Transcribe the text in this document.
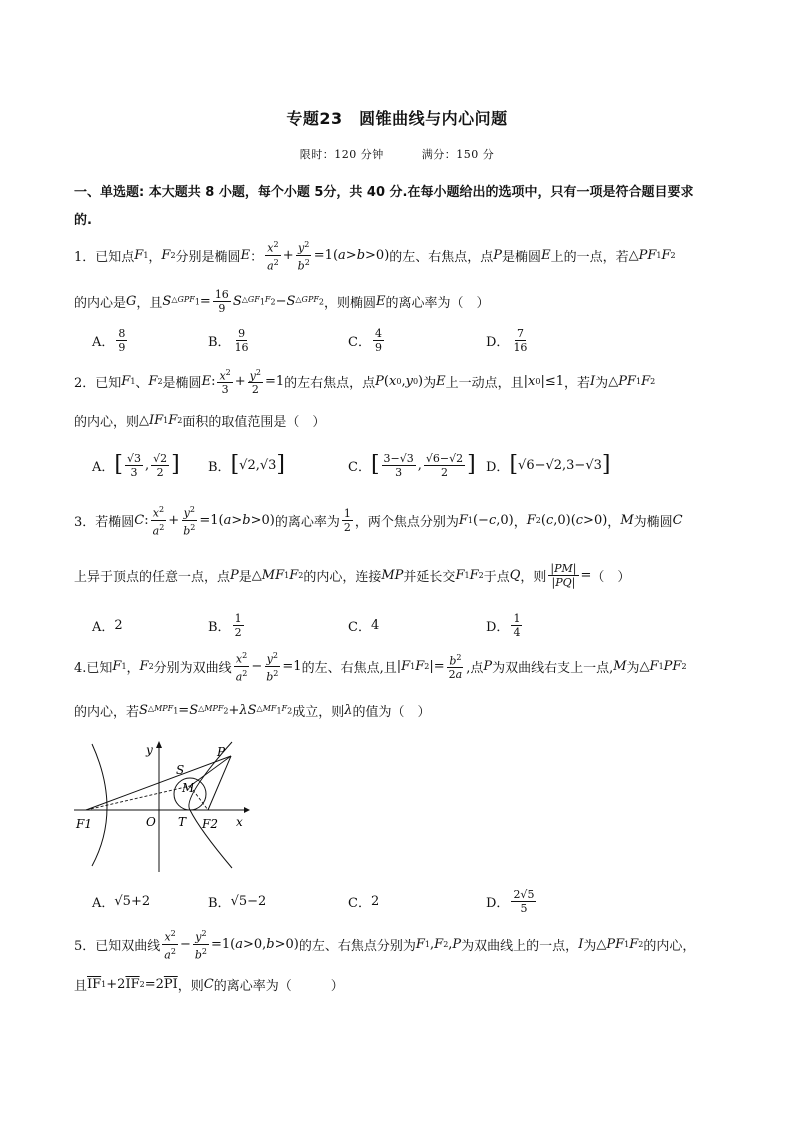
专题23　圆锥曲线与内心问题
限时：120 分钟	满分：150 分
一、单选题: 本大题共 8 小题，每个小题 5分，共 40 分.在每小题给出的选项中，只有一项是符合题目要求
的.
1．已知点 F 1 ， F 2 分别是椭圆 E ： $\frac{x^2}{a^2} + \frac{y^2}{b^2} =1$( a > b >0) 的左、右焦点，点 P 是椭圆 E 上的一点，若 △ PF 1 F 2
的内心是 G ，且 S $\triangle GPF_1 = \frac{16}{9}$ S $\triangle GF_1F_2 - S$ $\triangle GPF_2$ ，则椭圆 E 的离心率为（　）
A． $\frac{8}{9}$	B． $\frac{9}{16}$	C． $\frac{4}{9}$	D． $\frac{7}{16}$
2．已知 F 1 、 F 2 是椭圆 E : $\frac{x^2}{3} + \frac{y^2}{2} =1$ 的左右焦点，点 P ( x 0 , y 0 ) 为 E 上一动点，且 | x 0 |≤1 ，若 I 为 △ PF 1 F 2
的内心，则 △ IF 1 F 2 面积的取值范围是（　）
A． [ $\frac{√3}{3}$ , $\frac{√2}{2}$ ] B． [ √2,√3 ]	C． [ $\frac{3-√3}{3}$ , $\frac{√6-√2}{2}$ ] D． [ √6−√2,3−√3 ]
3．若椭圆 C : $\frac{x^2}{a^2} + \frac{y^2}{b^2} =1$( a > b >0) 的离心率为 $\frac{1}{2}$ ，两个焦点分别为 F 1 (− c ,0) ， F 2 ( c ,0)( c >0) ， M 为椭圆 C
上异于顶点的任意一点，点 P 是 △ MF 1 F 2 的内心，连接 MP 并延长交 F 1 F 2 于点 Q ，则 $\frac{|PM|}{|PQ|}$ = （　）
A． 2	B． $\frac{1}{2}$	C． 4	D． $\frac{1}{4}$
4.已知 F 1 ， F 2 分别为双曲线 $\frac{x^2}{a^2} - \frac{y^2}{b^2} =1$ 的左、右焦点,且 | F 1 F 2 |= $\frac{b^2}{2a}$ ,点 P 为双曲线右支上一点, M 为 △ F 1 PF 2
的内心，若 S $\triangle MPF_1 = S$ $\triangle MPF_2 + \lambda S$ $\triangle MF_1F_2$ 成立，则 λ 的值为（　）
y	P
S
M
F1	O T F2 x
A． √5+2	B． √5−2	C． 2	D． $\frac{2√5}{5}$
5．已知双曲线 $\frac{x^2}{a^2} - \frac{y^2}{b^2} =1$( a >0, b >0) 的左、右焦点分别为 F 1 , F 2 , P 为双曲线上的一点， I 为 △ PF 1 F 2 的内心，
且 $\overline{IF}$ 1 +2 $\overline{IF}$ 2 =2 $\overline{PI}$ ，则 C 的离心率为（　　　）
